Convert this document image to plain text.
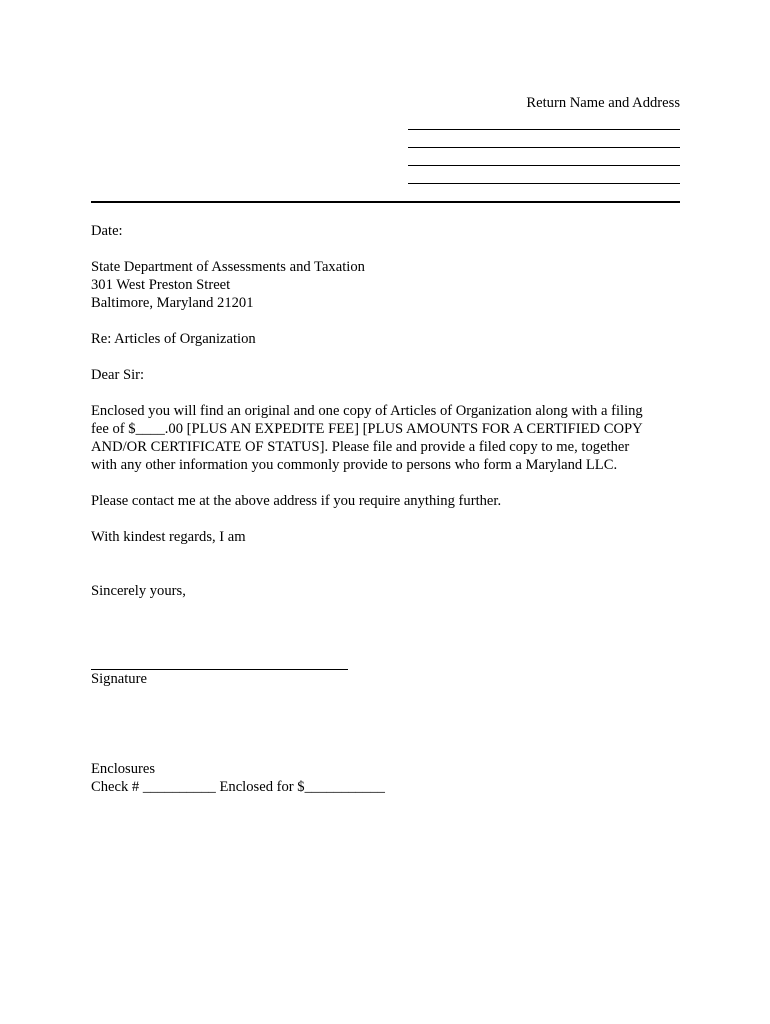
Return Name and Address

Date:

State Department of Assessments and Taxation

301 West Preston Street

Baltimore, Maryland 21201

Re: Articles of Organization

Dear Sir:

Enclosed you will find an original and one copy of Articles of Organization along with a filing

fee of $____.00 [PLUS AN EXPEDITE FEE] [PLUS AMOUNTS FOR A CERTIFIED COPY

AND/OR CERTIFICATE OF STATUS]. Please file and provide a filed copy to me, together

with any other information you commonly provide to persons who form a Maryland LLC.

Please contact me at the above address if you require anything further.

With kindest regards, I am

Sincerely yours,

Signature

Enclosures

Check # __________ Enclosed for $___________
